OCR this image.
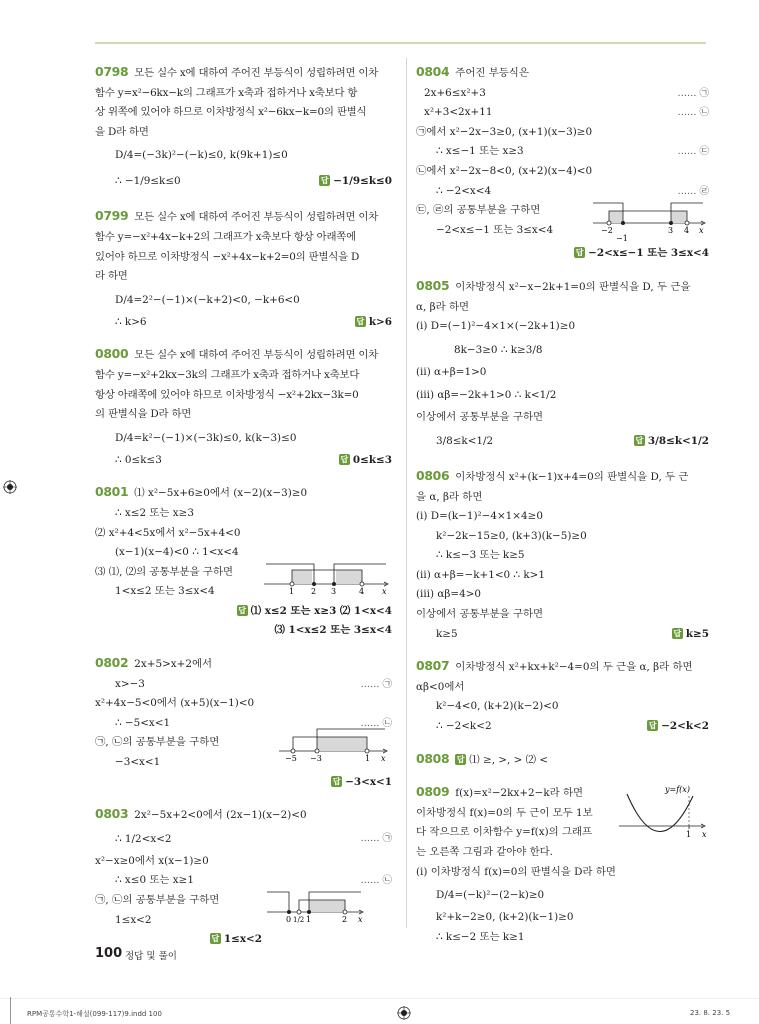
0798 모든 실수 x에 대하여 주어진 부등식이 성립하려면 이차
함수 y=x²−6kx−k의 그래프가 x축과 접하거나 x축보다 항
상 위쪽에 있어야 하므로 이차방정식 x²−6kx−k=0의 판별식
을 D라 하면
D/4=(−3k)²−(−k)≤0, k(9k+1)≤0
∴ −1/9≤k≤0	답 −1/9≤k≤0
0799 모든 실수 x에 대하여 주어진 부등식이 성립하려면 이차
함수 y=−x²+4x−k+2의 그래프가 x축보다 항상 아래쪽에
있어야 하므로 이차방정식 −x²+4x−k+2=0의 판별식을 D
라 하면
D/4=2²−(−1)×(−k+2)<0, −k+6<0
∴ k>6	답 k>6
0800 모든 실수 x에 대하여 주어진 부등식이 성립하려면 이차
함수 y=−x²+2kx−3k의 그래프가 x축과 접하거나 x축보다
항상 아래쪽에 있어야 하므로 이차방정식 −x²+2kx−3k=0
의 판별식을 D라 하면
D/4=k²−(−1)×(−3k)≤0, k(k−3)≤0
∴ 0≤k≤3	답 0≤k≤3
0801 ⑴ x²−5x+6≥0에서 (x−2)(x−3)≥0
∴ x≤2 또는 x≥3
⑵ x²+4<5x에서 x²−5x+4<0
(x−1)(x−4)<0 ∴ 1<x<4
⑶ ⑴, ⑵의 공통부분을 구하면
1<x≤2 또는 3≤x<4	1 2 3	4 x
답 ⑴ x≤2 또는 x≥3 ⑵ 1<x<4
⑶ 1<x≤2 또는 3≤x<4
0802 2x+5>x+2에서
x>−3	…… ㉠
x²+4x−5<0에서 (x+5)(x−1)<0
∴ −5<x<1	…… ㉡
㉠, ㉡의 공통부분을 구하면
−3<x<1	−5 −3	1 x
답 −3<x<1
0803 2x²−5x+2<0에서 (2x−1)(x−2)<0
∴ 1/2<x<2	…… ㉠
x²−x≥0에서 x(x−1)≥0
∴ x≤0 또는 x≥1	…… ㉡
㉠, ㉡의 공통부분을 구하면
1≤x<2	0 1/2 1	2 x
답 1≤x<2
0804 주어진 부등식은
2x+6≤x²+3	…… ㉠
x²+3<2x+11	…… ㉡
㉠에서 x²−2x−3≥0, (x+1)(x−3)≥0
∴ x≤−1 또는 x≥3	…… ㉢
㉡에서 x²−2x−8<0, (x+2)(x−4)<0
∴ −2<x<4	…… ㉣
㉢, ㉣의 공통부분을 구하면
−2<x≤−1 또는 3≤x<4	−2
−1
3 4 x
답 −2<x≤−1 또는 3≤x<4
0805 이차방정식 x²−x−2k+1=0의 판별식을 D, 두 근을
α, β라 하면
(ⅰ) D=(−1)²−4×1×(−2k+1)≥0
8k−3≥0 ∴ k≥3/8
(ⅱ) α+β=1>0
(ⅲ) αβ=−2k+1>0 ∴ k<1/2
이상에서 공통부분을 구하면
3/8≤k<1/2	답 3/8≤k<1/2
0806 이차방정식 x²+(k−1)x+4=0의 판별식을 D, 두 근
을 α, β라 하면
(ⅰ) D=(k−1)²−4×1×4≥0
k²−2k−15≥0, (k+3)(k−5)≥0
∴ k≤−3 또는 k≥5
(ⅱ) α+β=−k+1<0 ∴ k>1
(ⅲ) αβ=4>0
이상에서 공통부분을 구하면
k≥5	답 k≥5
0807 이차방정식 x²+kx+k²−4=0의 두 근을 α, β라 하면
αβ<0에서
k²−4<0, (k+2)(k−2)<0
∴ −2<k<2	답 −2<k<2
0808 답 ⑴ ≥, >, > ⑵ <
0809 f(x)=x²−2kx+2−k라 하면
이차방정식 f(x)=0의 두 근이 모두 1보
다 작으므로 이차함수 y=f(x)의 그래프
는 오른쪽 그림과 같아야 한다.
(ⅰ) 이차방정식 f(x)=0의 판별식을 D라 하면
D/4=(−k)²−(2−k)≥0
k²+k−2≥0, (k+2)(k−1)≥0
∴ k≤−2 또는 k≥1
y=f(x)
1 x
100 정답 및 풀이
RPM공통수학1-해설(099-117)9.indd 100	23. 8. 23. 5
